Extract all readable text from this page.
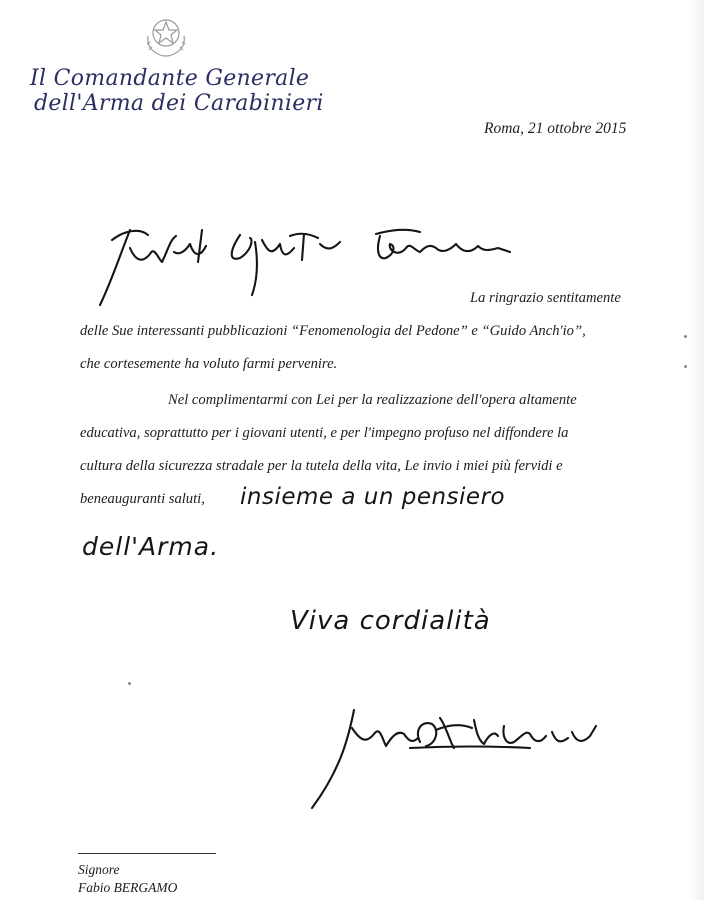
Il Comandante Generale
dell'Arma dei Carabinieri
Roma, 21 ottobre 2015
La ringrazio sentitamente
delle Sue interessanti pubblicazioni “Fenomenologia del Pedone” e “Guido Anch'io”,
che cortesemente ha voluto farmi pervenire.
Nel complimentarmi con Lei per la realizzazione dell'opera altamente
educativa, soprattutto per i giovani utenti, e per l'impegno profuso nel diffondere la
cultura della sicurezza stradale per la tutela della vita, Le invio i miei più fervidi e
beneauguranti saluti, insieme a un pensiero
dell'Arma.
Viva cordialità
Signore
Fabio BERGAMO
